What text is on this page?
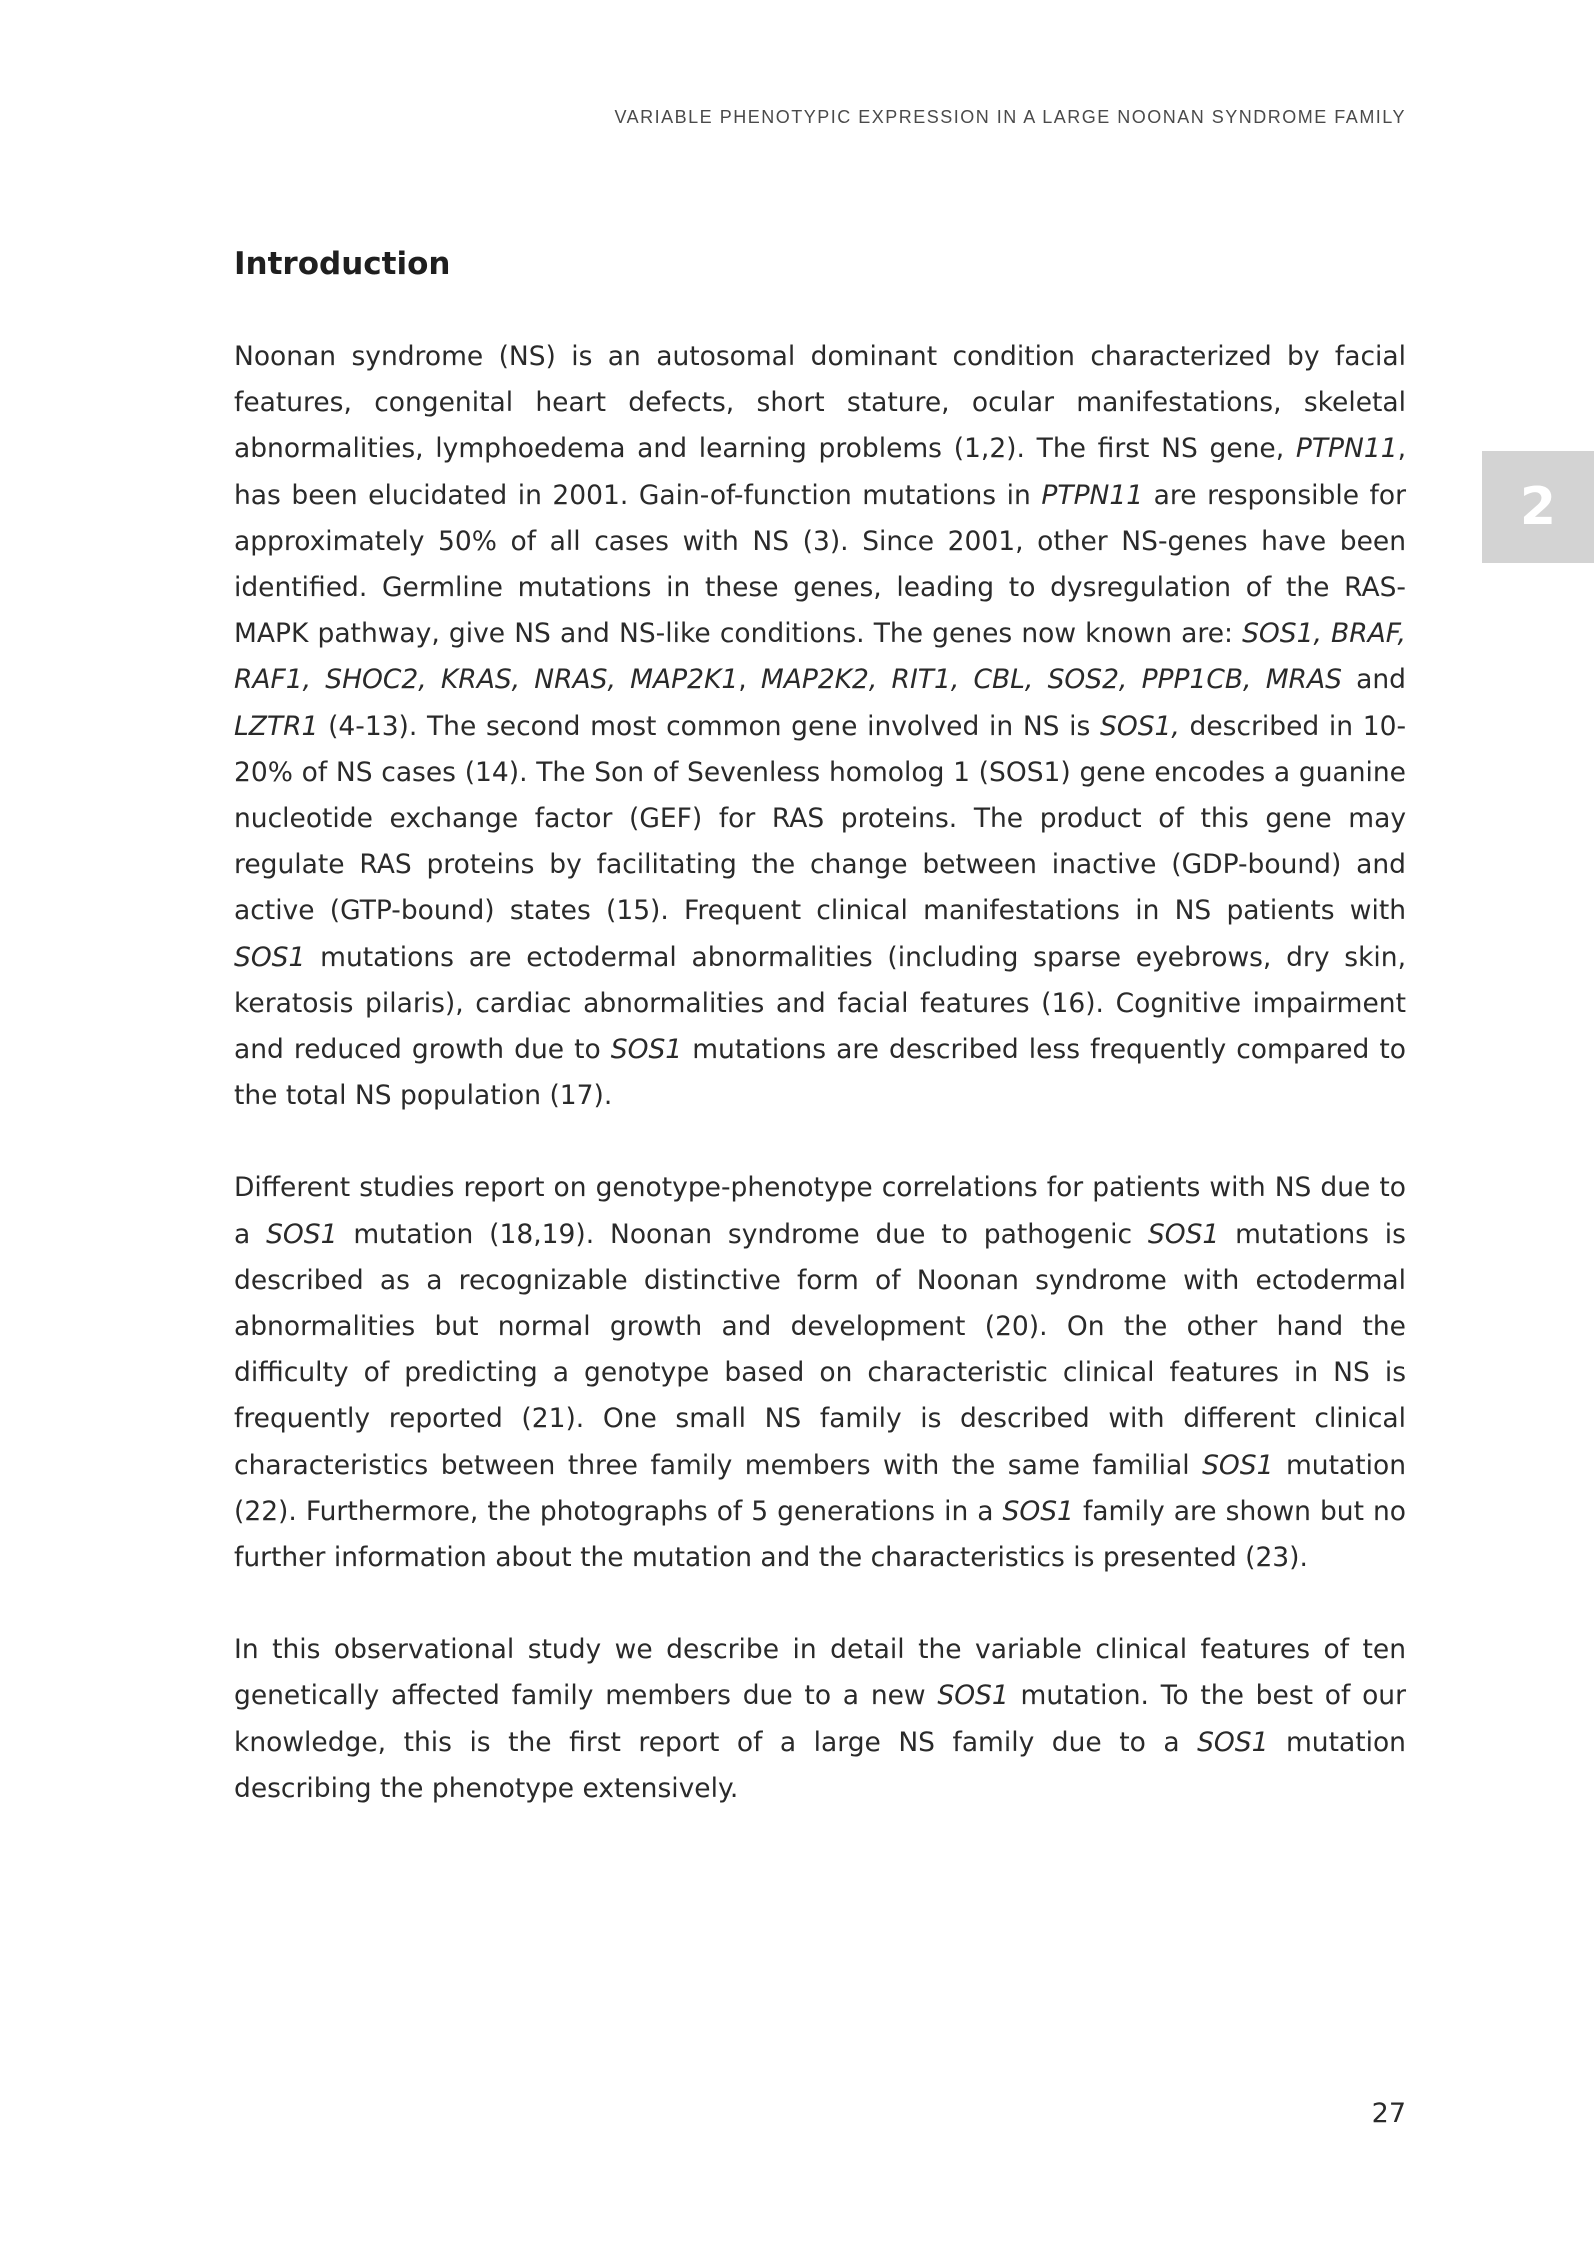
VARIABLE PHENOTYPIC EXPRESSION IN A LARGE NOONAN SYNDROME FAMILY
2
Introduction

Noonan syndrome (NS) is an autosomal dominant condition characterized by facial features, congenital heart defects, short stature, ocular manifestations, skeletal abnormalities, lymphoedema and learning problems (1,2). The first NS gene, PTPN11, has been elucidated in 2001. Gain-of-function mutations in PTPN11 are responsible for approximately 50% of all cases with NS (3). Since 2001, other NS-genes have been identified. Germline mutations in these genes, leading to dysregulation of the RAS-MAPK pathway, give NS and NS-like conditions. The genes now known are: SOS1, BRAF, RAF1, SHOC2, KRAS, NRAS, MAP2K1, MAP2K2, RIT1, CBL, SOS2, PPP1CB, MRAS and LZTR1 (4-13). The second most common gene involved in NS is SOS1, described in 10-20% of NS cases (14). The Son of Sevenless homolog 1 (SOS1) gene encodes a guanine nucleotide exchange factor (GEF) for RAS proteins. The product of this gene may regulate RAS proteins by facilitating the change between inactive (GDP-bound) and active (GTP-bound) states (15). Frequent clinical manifestations in NS patients with SOS1 mutations are ectodermal abnormalities (including sparse eyebrows, dry skin, keratosis pilaris), cardiac abnormalities and facial features (16). Cognitive impairment and reduced growth due to SOS1 mutations are described less frequently compared to the total NS population (17).

Different studies report on genotype-phenotype correlations for patients with NS due to a SOS1 mutation (18,19). Noonan syndrome due to pathogenic SOS1 mutations is described as a recognizable distinctive form of Noonan syndrome with ectodermal abnormalities but normal growth and development (20). On the other hand the difficulty of predicting a genotype based on characteristic clinical features in NS is frequently reported (21). One small NS family is described with different clinical characteristics between three family members with the same familial SOS1 mutation (22). Furthermore, the photographs of 5 generations in a SOS1 family are shown but no further information about the mutation and the characteristics is presented (23).

In this observational study we describe in detail the variable clinical features of ten genetically affected family members due to a new SOS1 mutation. To the best of our knowledge, this is the first report of a large NS family due to a SOS1 mutation describing the phenotype extensively.

27
